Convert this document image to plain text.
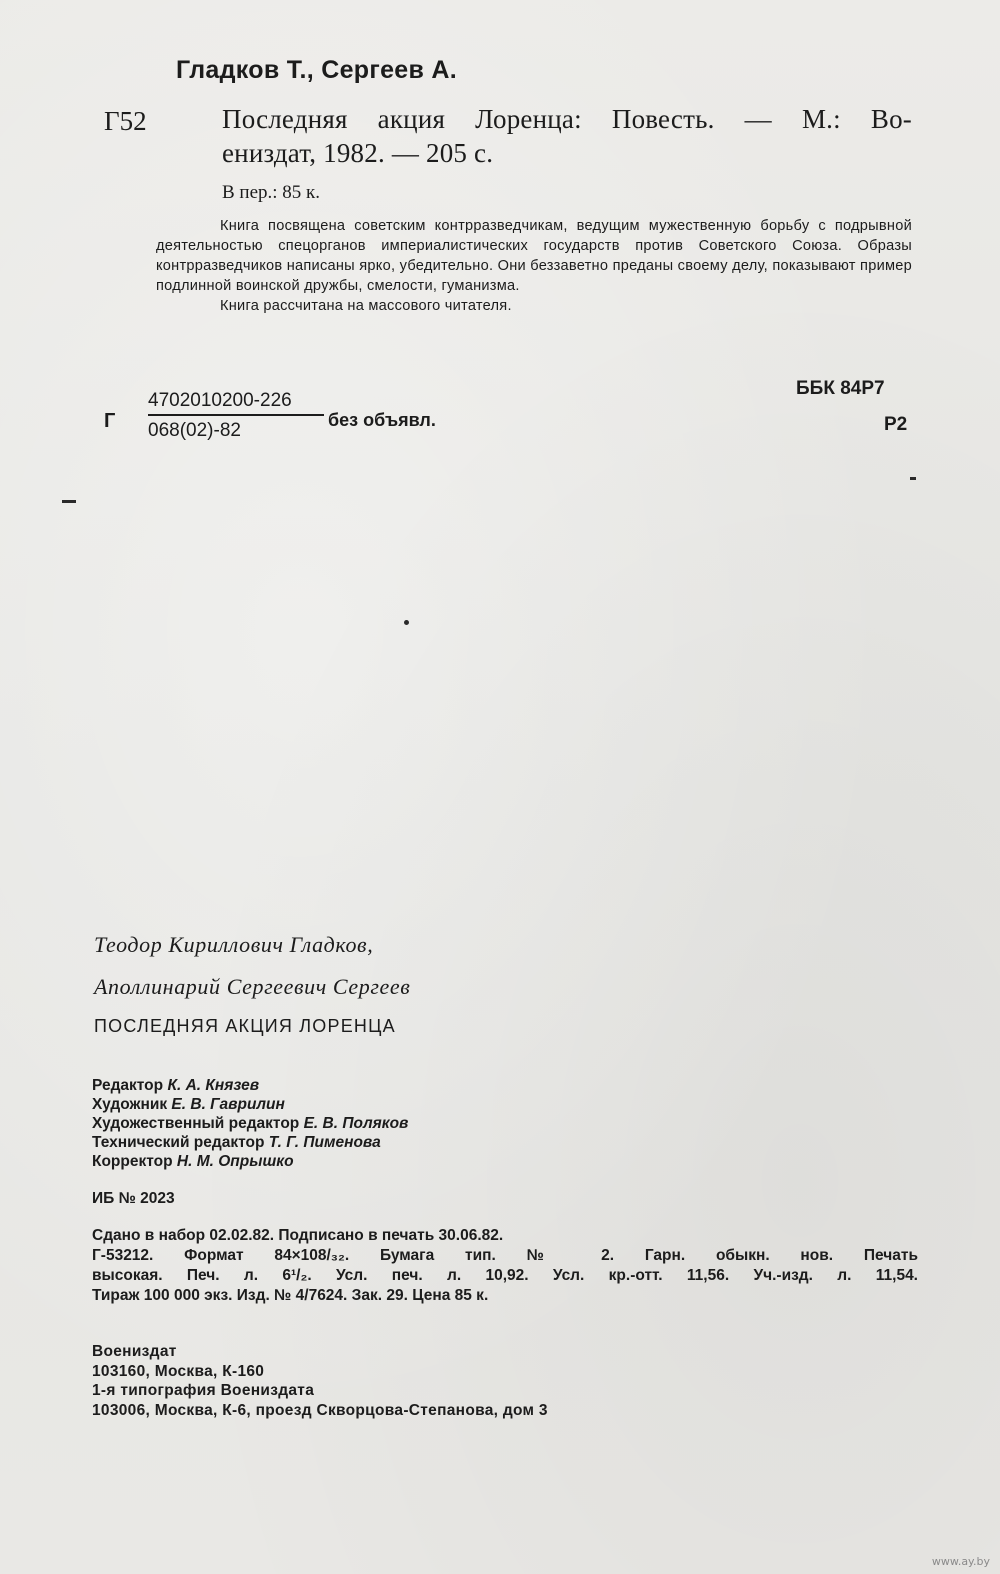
Гладков Т., Сергеев А.
Г52	Последняя акция Лоренца: Повесть. — М.: Во-
ениздат, 1982. — 205 с.
В пер.: 85 к.

Книга посвящена советским контрразведчикам, ведущим мужественную борьбу с подрывной деятельностью спецорганов империалистических государств против Советского Союза. Образы контрразведчиков написаны ярко, убедительно. Они беззаветно преданы своему делу, показывают пример подлинной воинской дружбы, смелости, гуманизма.

Книга рассчитана на массового читателя.

Г
4702010200-226
068(02)-82	без объявл.
ББК 84Р7
Р2
Теодор Кириллович Гладков,
Аполлинарий Сергеевич Сергеев
ПОСЛЕДНЯЯ АКЦИЯ ЛОРЕНЦА
Редактор К. А. Князев
Художник Е. В. Гаврилин
Художественный редактор Е. В. Поляков
Технический редактор Т. Г. Пименова
Корректор Н. М. Опрышко
ИБ № 2023
Сдано в набор 02.02.82. Подписано в печать 30.06.82.
Г-53212. Формат 84×108/₃₂. Бумага тип. № 2. Гарн. обыкн. нов. Печать
высокая. Печ. л. 6¹/₂. Усл. печ. л. 10,92. Усл. кр.-отт. 11,56. Уч.-изд. л. 11,54.
Тираж 100 000 экз. Изд. № 4/7624. Зак. 29. Цена 85 к.
Воениздат
103160, Москва, К-160
1-я типография Воениздата
103006, Москва, К-6, проезд Скворцова-Степанова, дом 3
www.ay.by
